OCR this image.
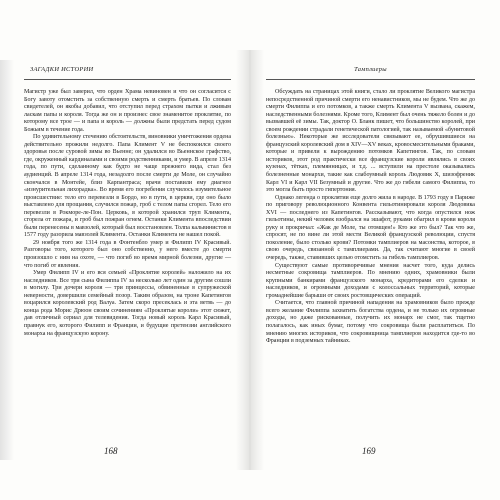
ЗАГАДКИ ИСТОРИИ

Магистр уже был заверил, что орден Храма невиновен и что он согласится с Богу завоту отомстить за собственную смерть и смерть братьев. По словам свидетелей, он якобы добавил, что отступил перед страхом пытки и лживым ласкам папы и короля. Тогда же он и произнес свое знаменитое проклятие, по которому все трое — и папа и король — должны были предстать перед судом Божьим в течение года.

По удивительному стечению обстоятельств, виновники уничтожения ордена действительно прожили недолго. Папа Климент V не беспокоился своего здоровья после суровой зимы во Вьенне; он удалился во Вьеннское графство, где, окруженный кардиналами и своими родственниками, и умер. В апреле 1314 года, по пути, сделанному как будто не чаще прежнего вида, стал без аудиенций. В апреле 1314 года, незадолго после смерти де Моле, он случайно скончался в Монтейе, близ Карпантраса; врачи поставили ему диагноз «изнурительная лихорадка». Во время его погребения случилось изумительное происшествие: тело его перевезли в Бордо, но в пути, в церкви, где оно было выставлено для прощания, случился пожар, гроб с телом папы сгорел. Тело его перевезли в Рокморе-ле-Пон. Церковь, в которой хранился труп Климента, сгорела от пожара, и гроб был пожран огнем. Останки Климента впоследствии были перенесены в мавзолей, который был восстановлен. Толпа кальвинистов в 1577 году разорила мавзолей Климента. Останки Климента не нашел покой.

29 ноября того же 1314 года в Фонтенбло умер и Филипп IV Красивый. Разговоры того, которого был оно собственно, у него вместе до смерти произошло с ним на охоте, — что погиб во время мирной болезни, другие — что погиб от явления.

Умер Филипп IV и его вся семьей «Проклятие королей» наложило на их наследников. Все три сына Филиппа IV за несколько лет один за другим сошли в могилу. Три дочери короля — три принцессы, обвиненные в супружеской неверности, довершили семейный позор. Таким образом, на троне Капетингов воцарился королевский род Валуа. Затем скоро пресеклась и эта ветвь — до конца рода Морис Дрюон своим сочинениям «Проклятые короли» этот сюжет, дав отличный сериал для телевидения. Тогда новый король Карл Красивый, правнук его, которого Филипп и Франции, и будущие претензии английского монарха на французскую корону.

168
Тамплиеры

Обсуждать на страницах этой книги, стало ли проклятие Великого магистра непосредственной причиной смерти его ненавистников, мы не будем. Что же до смерти Филиппа и его потомков, а также смерть Климента V вызвана, скажем, наследственными болезнями. Кроме того, Климент был очень тяжело болен и до вызвавшей её зимы. Так, доктор О. Бланк пишет, что большинство королей, при своем рождении страдали генетической патологией, так называемой «бунитовой болезнью». Некоторые же исследователи связывают ее, обрушившиеся на французский королевский дом в XIV—XV веках, кровосмесительными браками, которые и привели к вырождению потомков Капетингов. Так, по словам историков, этот род практически все французские короли являлись в своих кузенах, тётках, племянницах, и т.д. ... вступили на престоле оказывались болезненные монархи, такие как слабоумный король Людовик X, шизофреник Карл VI и Карл VII Безумный и другие. Что же до гибели самого Филиппа, то это могла быть просто гипертония.

Однако легенда о проклятии еще долго жила в народе. В 1793 году в Париже по приговору революционного Конвента гильотинировали короля Людовика XVI — последнего из Капетингов. Рассказывают, что когда опустился нож гильотины, некий человек взобрался на эшафот, руками обагрил в крови короля руку и прокричал: «Жак де Моле, ты отомщен!» Кто же это был? Так что же, спросят, не по вине ли этой мести Великой французской революции, спустя поколение, было столько крови? Потомки тамплиеров на масонства, которое, в свою очередь, связанной с тамплиерами. Да, так считают многие в своей очередь, также, ставивших целью отомстить за гибель тамплиеров.

Существуют самые противоречивые мнения насчет того, куда делись несметные сокровища тамплиеров. По мнению одних, храмовники были крупными банкирами французского монарха, кредиторами его сделки и наследников, и огромными доходами с колоссальных территорий, которые громаднейшие барыши от своих ростовщических операций.

Считается, что главной причиной нападения на храмовников было прежде всего желание Филиппа захватить богатства ордена, и не только их огромные доходы, но даже рискованные, получить их монарх не смог, так тщетно полагалось, как иных бумаг, потому что сокровища были расплатиться. По мнению многих историков, что сокровищница тамплиеров находится где-то во Франции в подземных тайниках.

169
